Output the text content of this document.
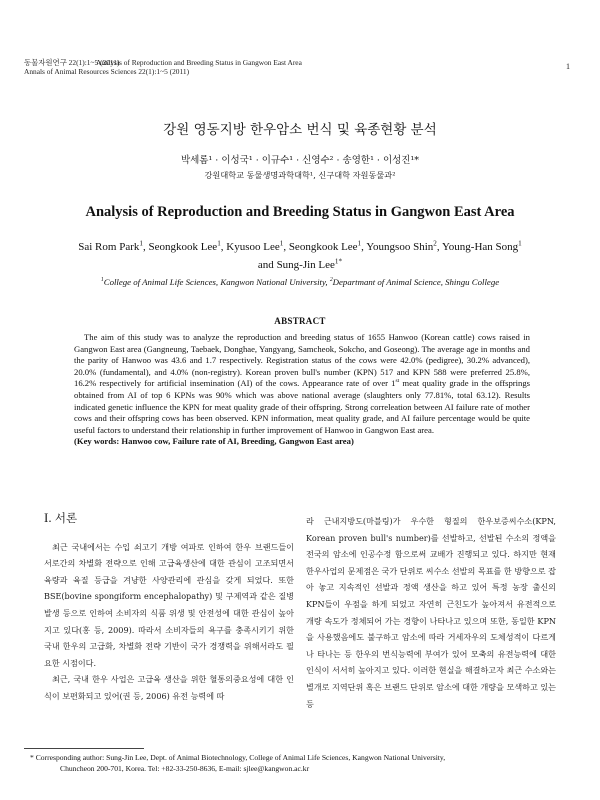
동물자원연구 22(1):1~5 (2011)
Annals of Animal Resources Sciences 22(1):1~5 (2011)
Analysis of Reproduction and Breeding Status in Gangwon East Area	1
강원 영동지방 한우암소 번식 및 육종현황 분석
박세롬¹ · 이성국¹ · 이규수¹ · 신영수² · 송영한¹ · 이성진¹*
강원대학교 동물생명과학대학¹, 신구대학 자원동물과²
Analysis of Reproduction and Breeding Status in Gangwon East Area
Sai Rom Park$^1$, Seongkook Lee$^1$, Kyusoo Lee$^1$, Seongkook Lee$^1$, Youngsoo Shin$^2$, Young-Han Song$^1$
and Sung-Jin Lee$^{1*}$
$^1$College of Animal Life Sciences, Kangwon National University, $^2$Departmant of Animal Science, Shingu College
ABSTRACT

The aim of this study was to analyze the reproduction and breeding status of 1655 Hanwoo (Korean cattle) cows raised in Gangwon East area (Gangneung, Taebaek, Donghae, Yangyang, Samcheok, Sokcho, and Goseong). The average age in months and the parity of Hanwoo was 43.6 and 1.7 respectively. Registration status of the cows were 42.0% (pedigree), 30.2% advanced), 20.0% (fundamental), and 4.0% (non-registry). Korean proven bull's number (KPN) 517 and KPN 588 were preferred 25.8%, 16.2% respectively for artificial insemination (AI) of the cows. Appearance rate of over 1st meat quality grade in the offsprings obtained from AI of top 6 KPNs was 90% which was above national average (slaughters only 77.81%, total 63.12). Results indicated genetic influence the KPN for meat quality grade of their offspring. Strong correleation between AI failure rate of mother cows and their offspring cows has been observed. KPN information, meat quality grade, and AI failure percentage would be quite useful factors to understand their relationship in further improvement of Hanwoo in Gangwon East area.

(Key words: Hanwoo cow, Failure rate of AI, Breeding, Gangwon East area)
I. 서론

최근 국내에서는 수입 쇠고기 개방 여파로 인하여 한우 브랜드들이 서로간의 차별화 전략으로 인해 고급육생산에 대한 관심이 고조되면서 육량과 육질 등급을 겨냥한 사양관리에 관심을 갖게 되었다. 또한 BSE(bovine spongiform encephalopathy) 및 구제역과 같은 질병발생 등으로 인하여 소비자의 식품 위생 및 안전성에 대한 관심이 높아지고 있다(홍 등, 2009). 따라서 소비자들의 욕구를 충족시키기 위한 국내 한우의 고급화, 차별화 전략 기반이 국가 경쟁력을 위해서라도 필요한 시점이다.

최근, 국내 한우 사업은 고급육 생산을 위한 혈통의중요성에 대한 인식이 보편화되고 있어(권 등, 2006) 유전 능력에 따

라 근내지방도(마블링)가 우수한 형질의 한우보증씨수소(KPN, Korean proven bull's number)를 선발하고, 선발된 수소의 정액을 전국의 암소에 인공수정 함으로써 교배가 진행되고 있다. 하지만 현재 한우사업의 문제점은 국가 단위로 씨수소 선발의 목표를 한 방향으로 잡아 놓고 지속적인 선발과 정액 생산을 하고 있어 특정 농장 출신의 KPN들이 우점을 하게 되었고 자연히 근친도가 높아져서 유전적으로 개량 속도가 정체되어 가는 경향이 나타나고 있으며 또한, 동일한 KPN을 사용했음에도 불구하고 암소에 따라 거세자우의 도체성적이 다르게 나 타나는 등 한우의 번식능력에 부여가 있어 모축의 유전능력에 대한 인식이 서서히 높아지고 있다. 이러한 현실을 해결하고자 최근 수소와는 별개로 지역단위 혹은 브랜드 단위로 암소에 대한 개량을 모색하고 있는 등

* Corresponding author: Sung-Jin Lee, Dept. of Animal Biotechnology, College of Animal Life Sciences, Kangwon National University,
Chuncheon 200-701, Korea. Tel: +82-33-250-8636, E-mail: sjlee@kangwon.ac.kr
